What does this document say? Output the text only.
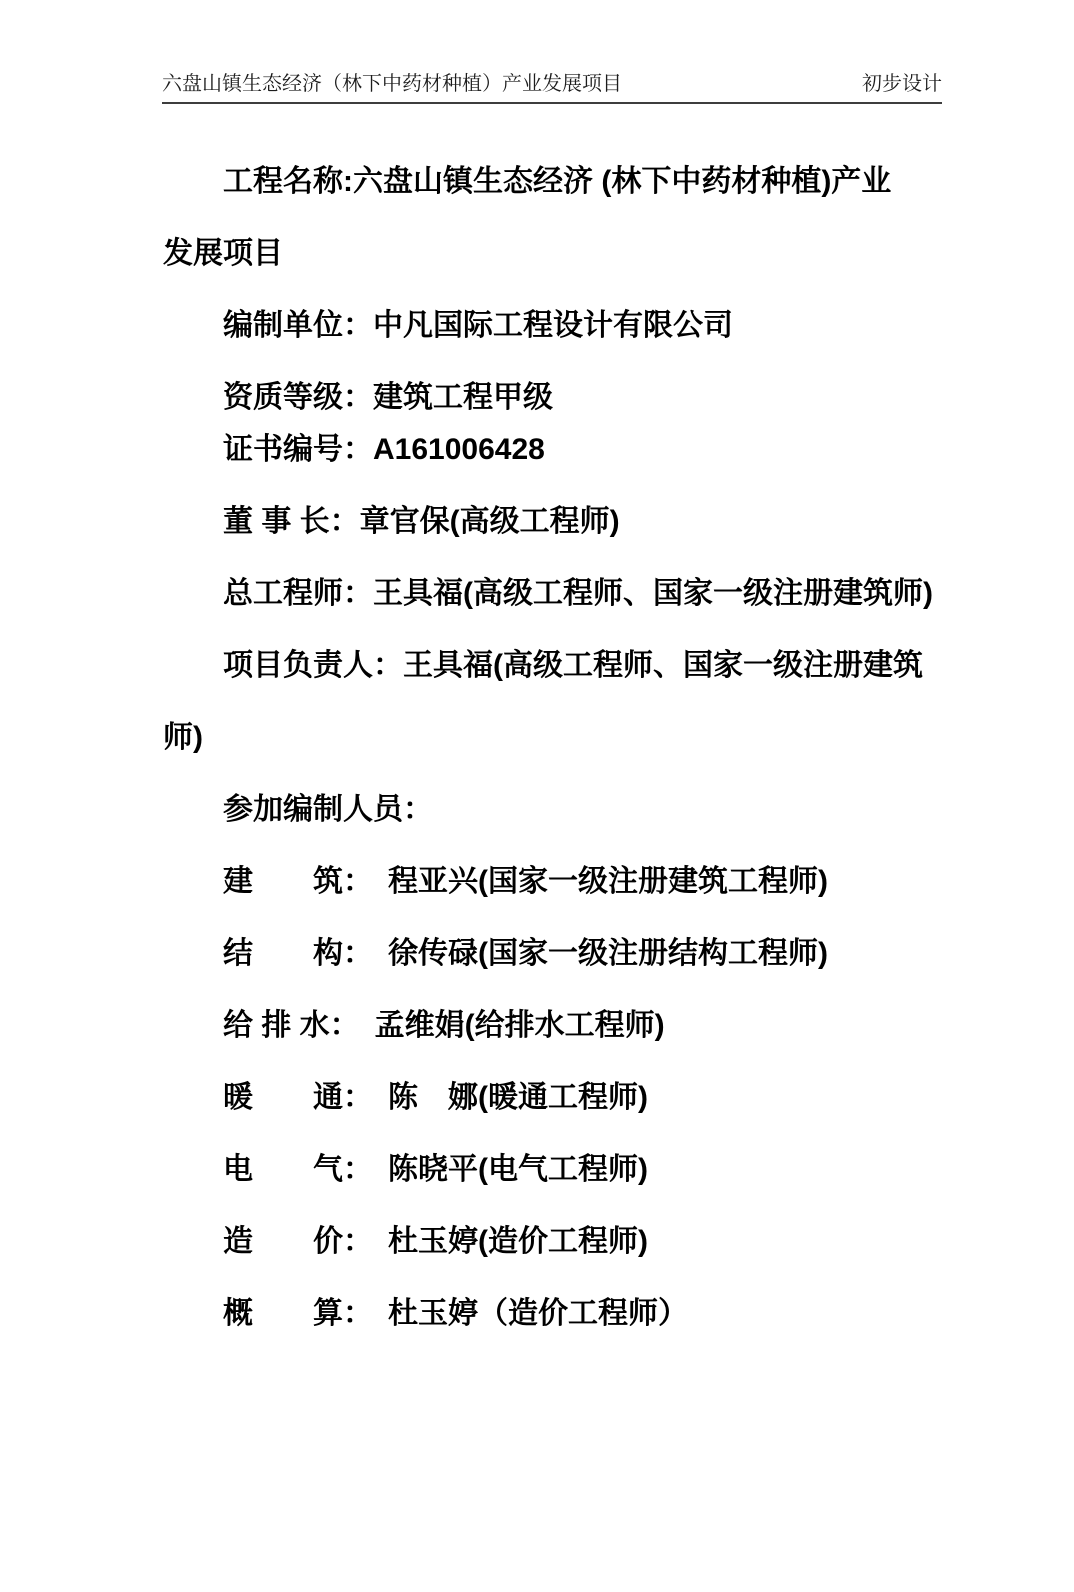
六盘山镇生态经济（林下中药材种植）产业发展项目	初步设计
工程名称:六盘山镇生态经济 (林下中药材种植)产业
发展项目
编制单位：中凡国际工程设计有限公司
资质等级：建筑工程甲级
证书编号：A161006428
董 事 长：章官保(高级工程师)
总工程师：王具福(高级工程师、国家一级注册建筑师)
项目负责人：王具福(高级工程师、国家一级注册建筑
师)
参加编制人员：
建　　筑：　程亚兴(国家一级注册建筑工程师)
结　　构：　徐传碌(国家一级注册结构工程师)
给 排 水：　孟维娟(给排水工程师)
暖　　通：　陈　娜(暖通工程师)
电　　气：　陈晓平(电气工程师)
造　　价：　杜玉婷(造价工程师)
概　　算：　杜玉婷（造价工程师）
